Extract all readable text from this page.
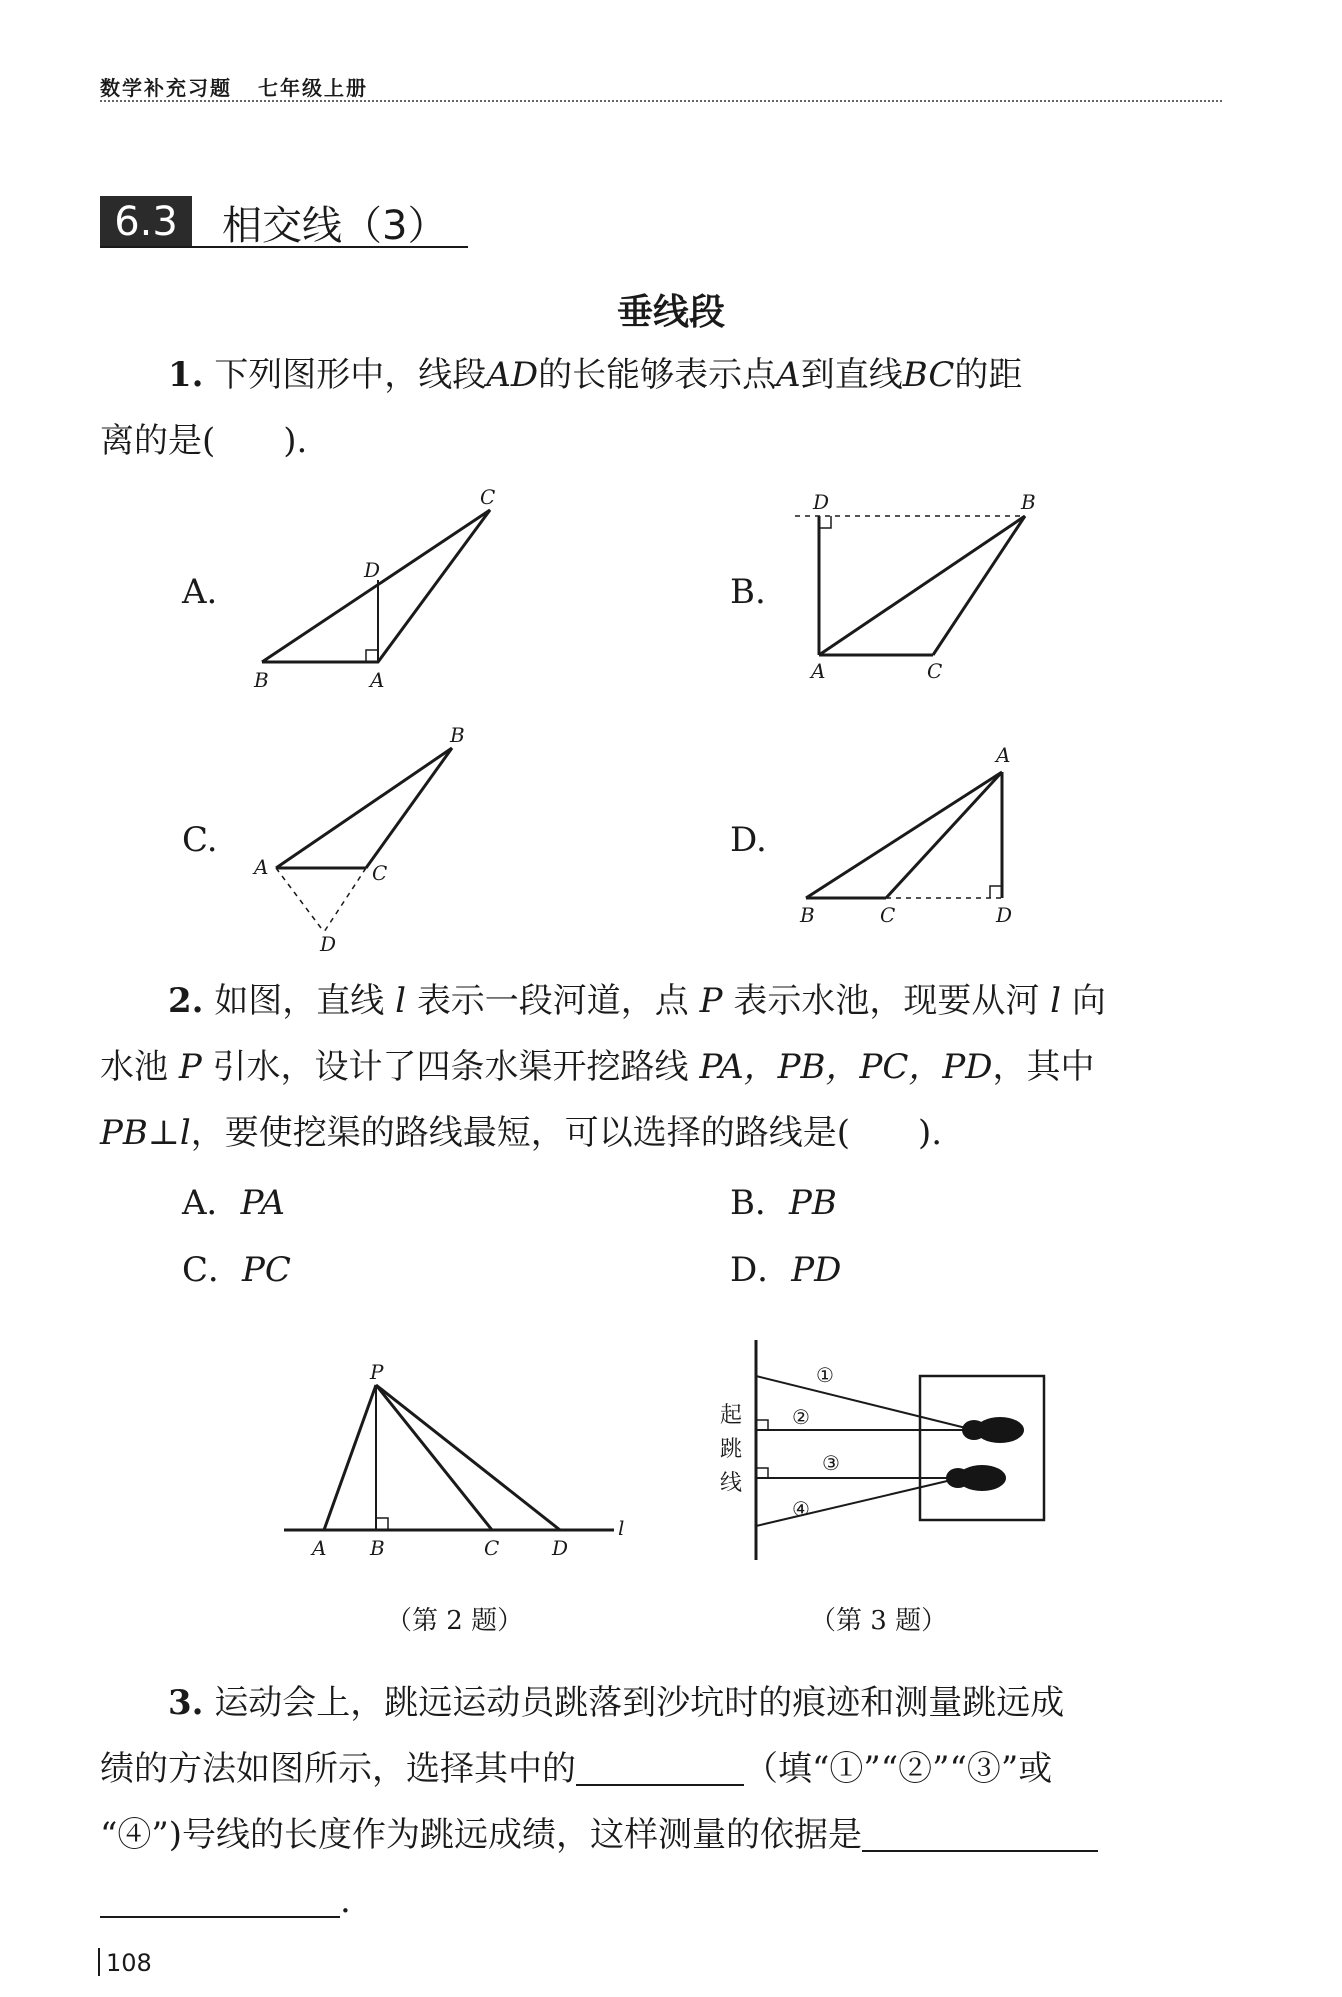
数学补充习题 七年级上册
6.3	相交线（3）
垂线段
1. 下列图形中，线段AD的长能够表示点A到直线BC的距
离的是(　　).
A.	B.
C.	D.
B	A
D
C	D	B
A	C
B
A	C
D
A
B	C	D
2. 如图，直线 l 表示一段河道，点 P 表示水池，现要从河 l 向
水池 P 引水，设计了四条水渠开挖路线 PA，PB，PC，PD，其中
PB⊥l，要使挖渠的路线最短，可以选择的路线是(　　).
A．PA	B．PB
C．PC	D．PD
P
A B	C	D
l
（第 2 题）
起
跳
线
①
②
③
④
（第 3 题）
3. 运动会上，跳远运动员跳落到沙坑时的痕迹和测量跳远成
绩的方法如图所示，选择其中的	（填“①”“②”“③”或
“④”)号线的长度作为跳远成绩，这样测量的依据是
.
108
